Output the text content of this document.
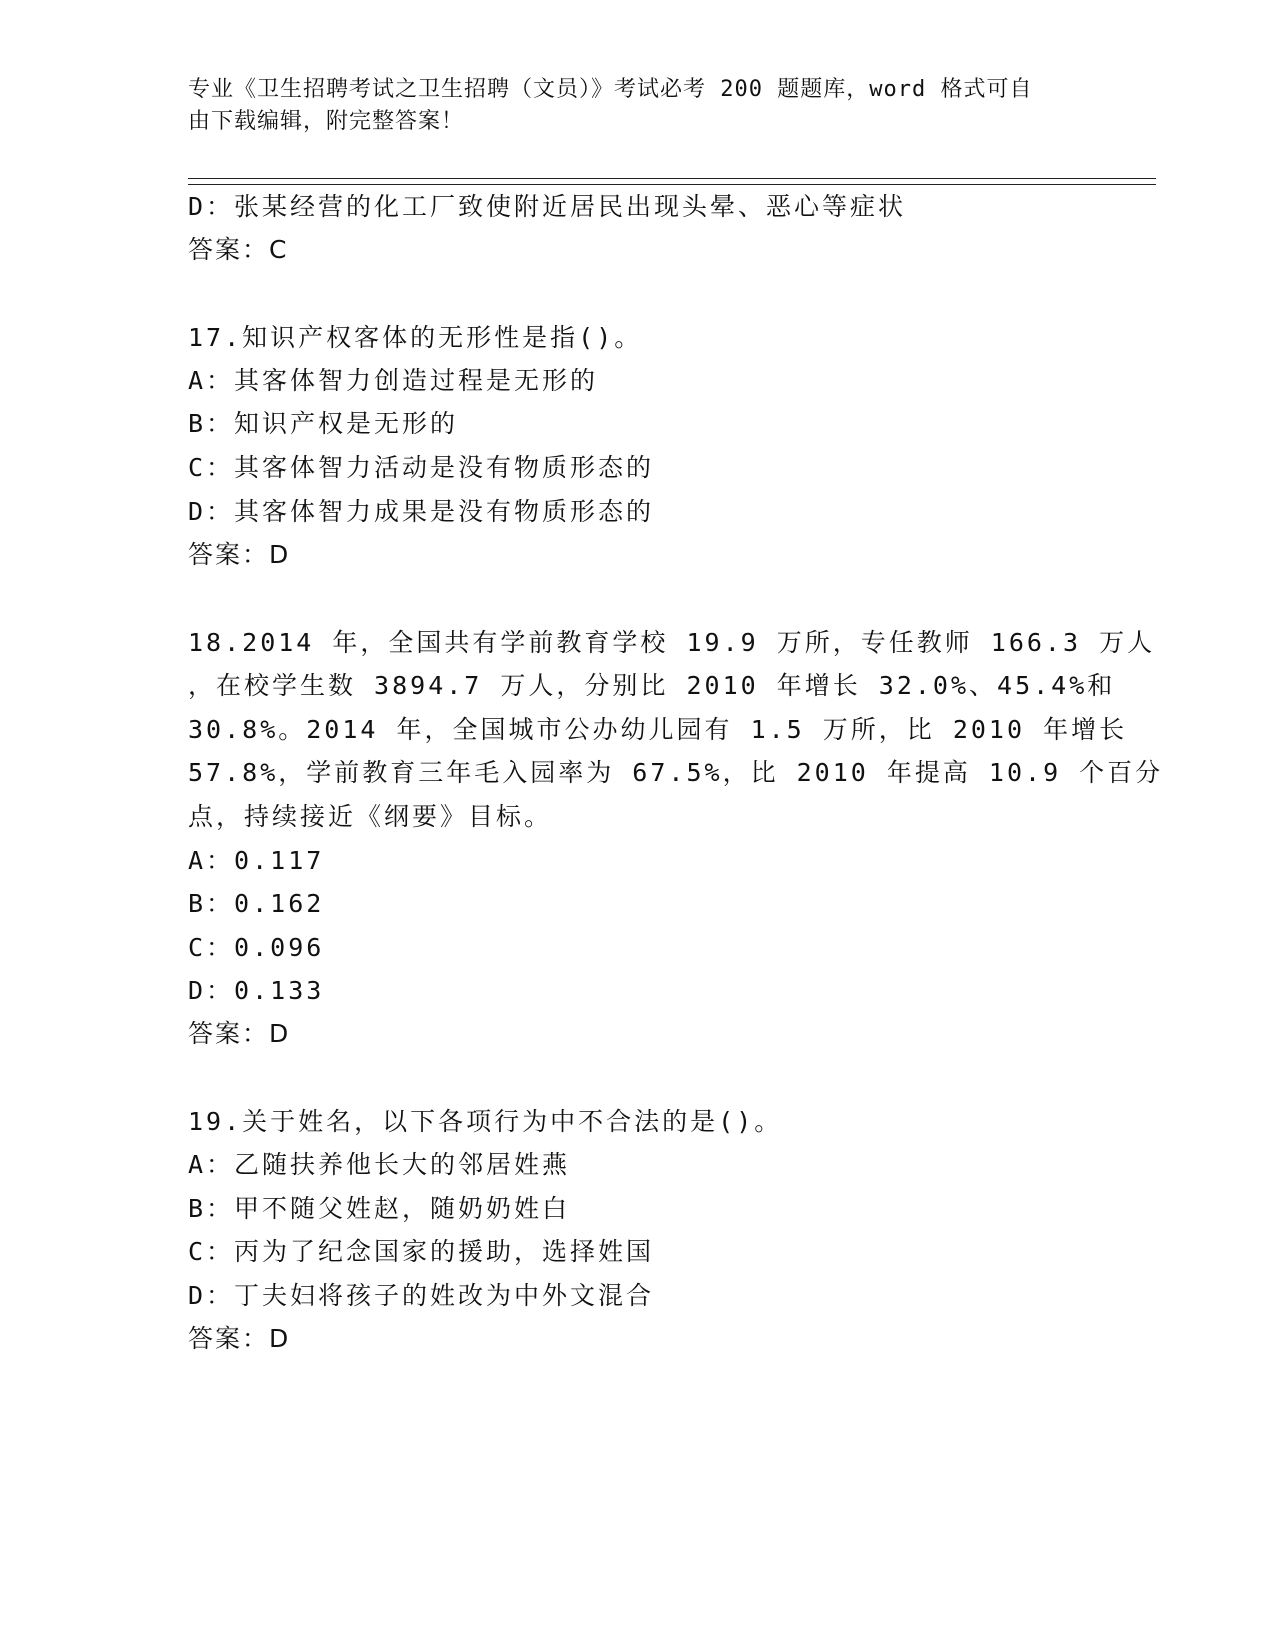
专业《卫生招聘考试之卫生招聘（文员）》考试必考 200 题题库，word 格式可自
由下载编辑，附完整答案！
D：张某经营的化工厂致使附近居民出现头晕、恶心等症状
答案：C
17.知识产权客体的无形性是指()。
A：其客体智力创造过程是无形的
B：知识产权是无形的
C：其客体智力活动是没有物质形态的
D：其客体智力成果是没有物质形态的
答案：D
18.2014 年，全国共有学前教育学校 19.9 万所，专任教师 166.3 万人
，在校学生数 3894.7 万人，分别比 2010 年增长 32.0%、45.4%和
30.8%。2014 年，全国城市公办幼儿园有 1.5 万所，比 2010 年增长
57.8%，学前教育三年毛入园率为 67.5%，比 2010 年提高 10.9 个百分
点，持续接近《纲要》目标。
A：0.117
B：0.162
C：0.096
D：0.133
答案：D
19.关于姓名，以下各项行为中不合法的是()。
A：乙随扶养他长大的邻居姓燕
B：甲不随父姓赵，随奶奶姓白
C：丙为了纪念国家的援助，选择姓国
D：丁夫妇将孩子的姓改为中外文混合
答案：D
